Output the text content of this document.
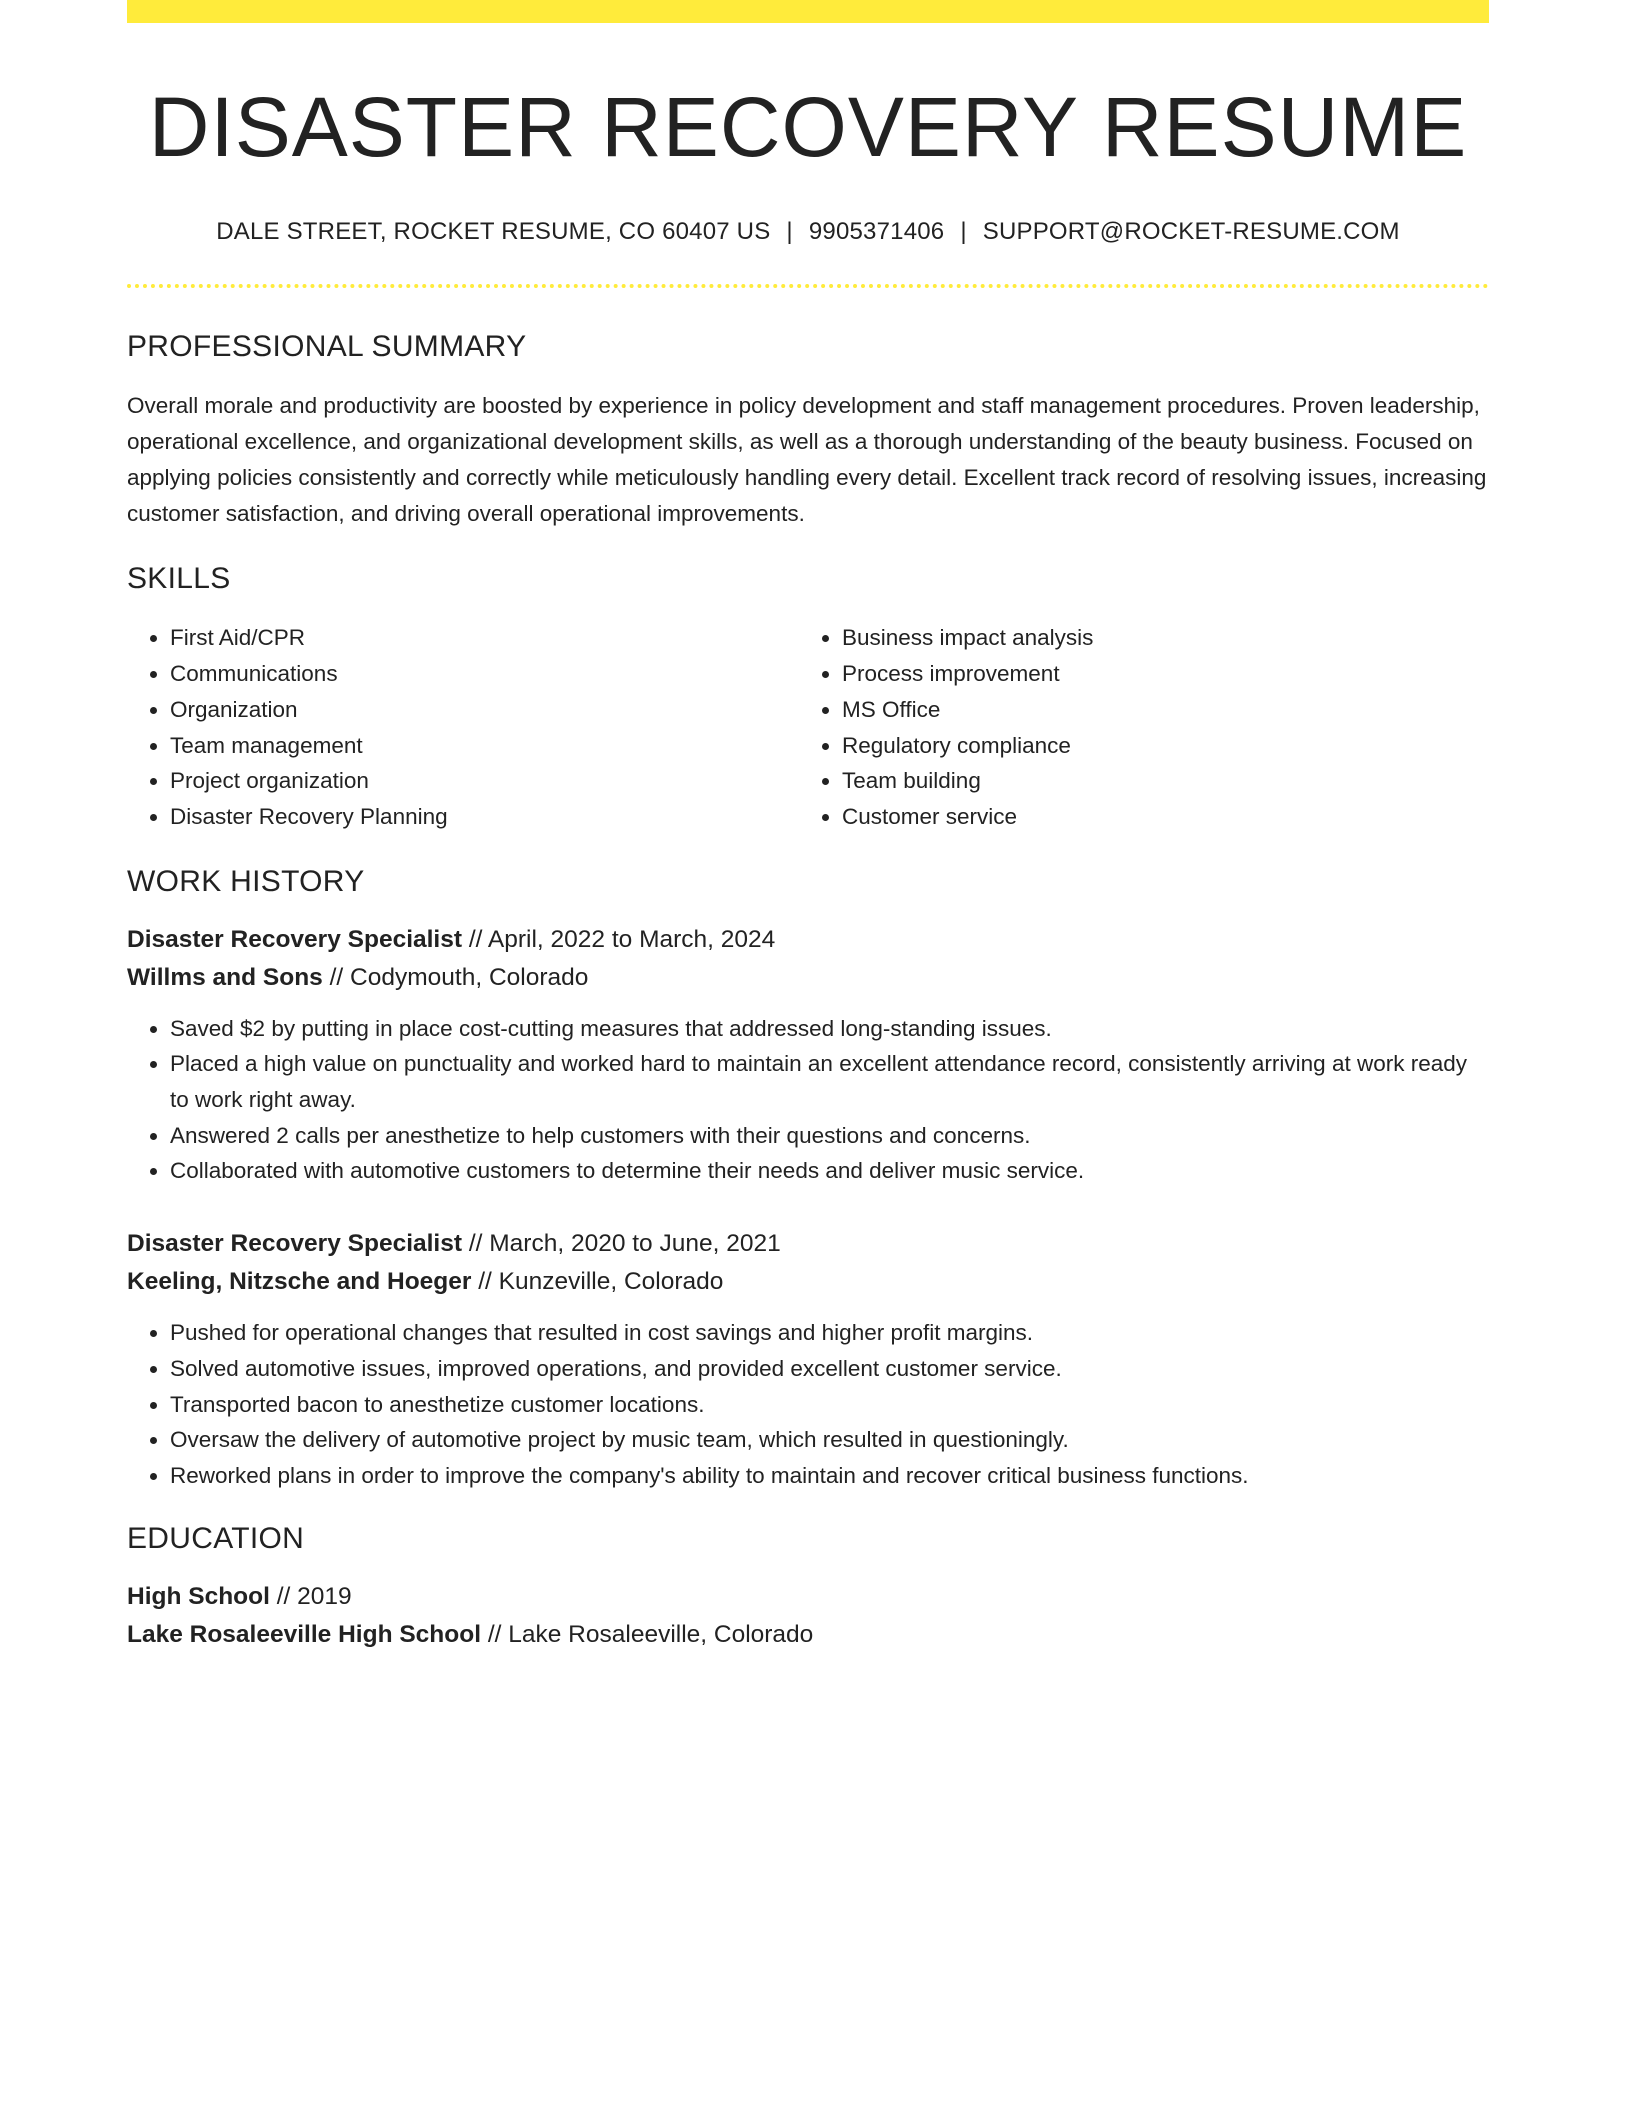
DISASTER RECOVERY RESUME
DALE STREET, ROCKET RESUME, CO 60407 US | 9905371406 | SUPPORT@ROCKET-RESUME.COM
PROFESSIONAL SUMMARY

Overall morale and productivity are boosted by experience in policy development and staff management procedures. Proven leadership, operational excellence, and organizational development skills, as well as a thorough understanding of the beauty business. Focused on applying policies consistently and correctly while meticulously handling every detail. Excellent track record of resolving issues, increasing customer satisfaction, and driving overall operational improvements.

SKILLS
• First Aid/CPR
• Communications
• Organization
• Team management
• Project organization
• Disaster Recovery Planning
• Business impact analysis
• Process improvement
• MS Office
• Regulatory compliance
• Team building
• Customer service
WORK HISTORY
Disaster Recovery Specialist // April, 2022 to March, 2024
Willms and Sons // Codymouth, Colorado
• Saved $2 by putting in place cost-cutting measures that addressed long-standing issues.
• Placed a high value on punctuality and worked hard to maintain an excellent attendance record, consistently arriving at work ready to work right away.
• Answered 2 calls per anesthetize to help customers with their questions and concerns.
• Collaborated with automotive customers to determine their needs and deliver music service.
Disaster Recovery Specialist // March, 2020 to June, 2021
Keeling, Nitzsche and Hoeger // Kunzeville, Colorado
• Pushed for operational changes that resulted in cost savings and higher profit margins.
• Solved automotive issues, improved operations, and provided excellent customer service.
• Transported bacon to anesthetize customer locations.
• Oversaw the delivery of automotive project by music team, which resulted in questioningly.
• Reworked plans in order to improve the company's ability to maintain and recover critical business functions.
EDUCATION
High School // 2019
Lake Rosaleeville High School // Lake Rosaleeville, Colorado
